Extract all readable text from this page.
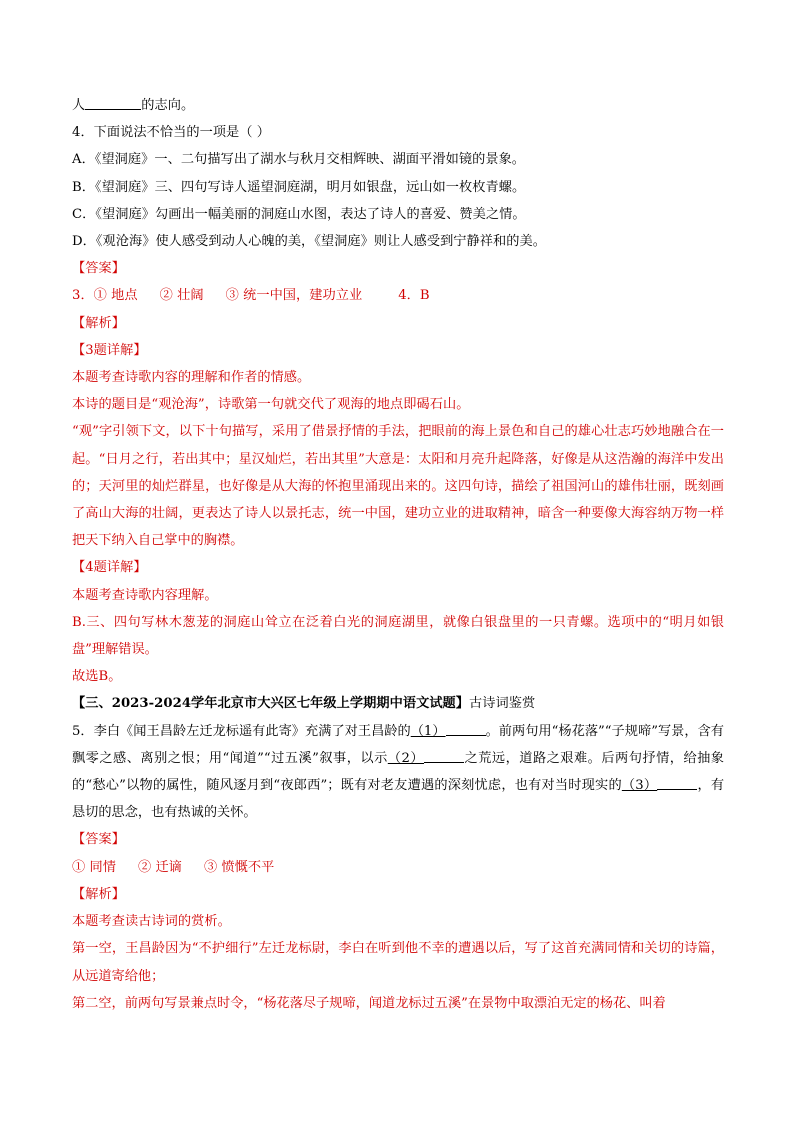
人	的志向。
4．下面说法不恰当的一项是（ ）
A．《望洞庭》一、二句描写出了湖水与秋月交相辉映、湖面平滑如镜的景象。
B．《望洞庭》三、四句写诗人遥望洞庭湖，明月如银盘，远山如一枚枚青螺。
C．《望洞庭》勾画出一幅美丽的洞庭山水图，表达了诗人的喜爱、赞美之情。
D．《观沧海》使人感受到动人心魄的美，《望洞庭》则让人感受到宁静祥和的美。
【答案】
3．① 地点 ② 壮阔 ③ 统一中国，建功立业	4．B
【解析】
【3题详解】
本题考查诗歌内容的理解和作者的情感。
本诗的题目是“观沧海”，诗歌第一句就交代了观海的地点即碣石山。
“观”字引领下文，以下十句描写，采用了借景抒情的手法，把眼前的海上景色和自己的雄心壮志巧妙地融合在一起。“日月之行，若出其中；星汉灿烂，若出其里”大意是：太阳和月亮升起降落，好像是从这浩瀚的海洋中发出的；天河里的灿烂群星，也好像是从大海的怀抱里涌现出来的。这四句诗，描绘了祖国河山的雄伟壮丽，既刻画了高山大海的壮阔，更表达了诗人以景托志，统一中国，建功立业的进取精神，暗含一种要像大海容纳万物一样把天下纳入自己掌中的胸襟。
【4题详解】
本题考查诗歌内容理解。
B.三、四句写林木葱茏的洞庭山耸立在泛着白光的洞庭湖里，就像白银盘里的一只青螺。选项中的“明月如银盘”理解错误。
故选B。
【三、2023-2024学年北京市大兴区七年级上学期期中语文试题】古诗词鉴赏
5．李白《闻王昌龄左迁龙标遥有此寄》充满了对王昌龄的（1）	。前两句用“杨花落”“子规啼”写景，含有飘零之感、离别之恨；用“闻道”“过五溪”叙事，以示（2）	之荒远，道路之艰难。后两句抒情，给抽象的“愁心”以物的属性，随风逐月到“夜郎西”；既有对老友遭遇的深刻忧虑，也有对当时现实的（3）	，有恳切的思念，也有热诚的关怀。
【答案】
① 同情 ② 迁谪 ③ 愤慨不平
【解析】
本题考查读古诗词的赏析。
第一空，王昌龄因为“不护细行”左迁龙标尉，李白在听到他不幸的遭遇以后，写了这首充满同情和关切的诗篇，从远道寄给他；
第二空，前两句写景兼点时令，“杨花落尽子规啼，闻道龙标过五溪”在景物中取漂泊无定的杨花、叫着
